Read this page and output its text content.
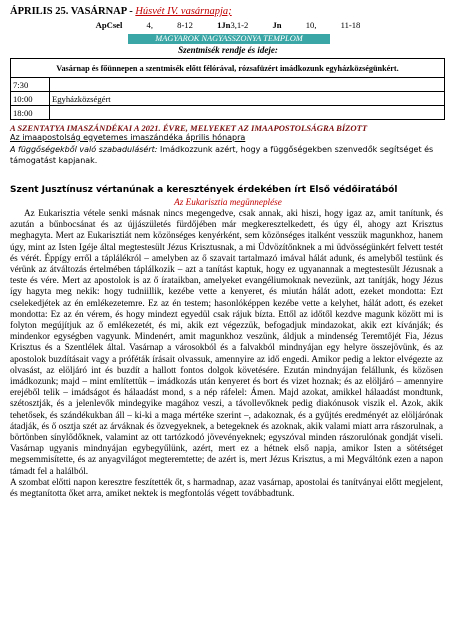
ÁPRILIS 25. VASÁRNAP - Húsvét IV. vasárnapja;
ApCsel	4, 8-12	1Jn3,1-2	Jn	10, 11-18
MAGYAROK NAGYASSZONYA TEMPLOM
Szentmisék rendje és ideje:
Vasárnap és főünnepen a szentmisék előtt félórával, rózsafüzért imádkozunk egyházközségünkért.	
7:30	
10:00	Egyházközségért
18:00	
A SZENTATYA IMASZÁNDÉKAI A 2021. ÉVRE, MELYEKET AZ IMAAPOSTOLSÁGRA BÍZOTT
Az imaapostolság egyetemes imaszándéka április hónapra
A függőségekből való szabadulásért: Imádkozzunk azért, hogy a függőségekben szenvedők segítséget és támogatást kapjanak.
Szent Jusztínusz vértanúnak a keresztények érdekében írt Első védőiratából
Az Eukarisztia megünneplése

Az Eukarisztia vétele senki másnak nincs megengedve, csak annak, aki hiszi, hogy igaz az, amit tanítunk, és azután a bűnbocsánat és az újjászületés fürdőjében már megkeresztelkedett, és úgy él, ahogy azt Krisztus meghagyta. Mert az Eukarisztiát nem közönséges kenyérként, sem közönséges italként vesszük magunkhoz, hanem úgy, mint az Isten Igéje által megtestesült Jézus Krisztusnak, a mi Üdvözítőnknek a mi üdvösségünkért felvett testét és vérét. Éppígy erről a táplálékról – amelyben az ő szavait tartalmazó imával hálát adunk, és amelyből testünk és vérünk az átváltozás értelmében táplálkozik – azt a tanítást kaptuk, hogy ez ugyanannak a megtestesült Jézusnak a teste és vére. Mert az apostolok is az ő írataikban, amelyeket evangéliumoknak nevezünk, azt tanítják, hogy Jézus így hagyta meg nekik: hogy tudniillik, kezébe vette a kenyeret, és miután hálát adott, ezeket mondotta: Ezt cselekedjétek az én emlékezetemre. Ez az én testem; hasonlóképpen kezébe vette a kelyhet, hálát adott, és ezeket mondotta: Ez az én vérem, és hogy mindezt egyedül csak rájuk bízta. Ettől az időtől kezdve magunk között mi is folyton megújítjuk az ő emlékezetét, és mi, akik ezt végezzük, befogadjuk mindazokat, akik ezt kívánják; és mindenkor egységben vagyunk. Mindenért, amit magunkhoz veszünk, áldjuk a mindenség Teremtőjét Fia, Jézus Krisztus és a Szentlélek által. Vasárnap a városokból és a falvakból mindnyájan egy helyre összejövünk, és az apostolok buzdításait vagy a próféták írásait olvassuk, amennyire az idő engedi. Amikor pedig a lektor elvégezte az olvasást, az elöljáró int és buzdít a hallott fontos dolgok követésére. Ezután mindnyájan felállunk, és közösen imádkozunk; majd – mint említettük – imádkozás után kenyeret és bort és vizet hoznak; és az elöljáró – amennyire erejéből telik – imádságot és hálaadást mond, s a nép ráfelel: Ámen. Majd azokat, amikkel hálaadást mondtunk, szétosztják, és a jelenlevők mindegyike magához veszi, a távollevőknek pedig diakónusok viszik el. Azok, akik tehetősek, és szándékukban áll – ki-ki a maga mértéke szerint –, adakoznak, és a gyűjtés eredményét az elöljárónak átadják, és ő osztja szét az árváknak és özvegyeknek, a betegeknek és azoknak, akik valami miatt arra rászorulnak, a börtönben sínylődőknek, valamint az ott tartózkodó jövevényeknek; egyszóval minden rászorulónak gondját viseli. Vasárnap ugyanis mindnyájan egybegyűlünk, azért, mert ez a hétnek első napja, amikor Isten a sötétséget megsemmisítette, és az anyagvilágot megteremtette; de azért is, mert Jézus Krisztus, a mi Megváltónk ezen a napon támadt fel a halálból.

A szombat előtti napon keresztre feszítették őt, s harmadnap, azaz vasárnap, apostolai és tanítványai előtt megjelent, és megtanította őket arra, amiket nektek is megfontolás végett továbbadtunk.
